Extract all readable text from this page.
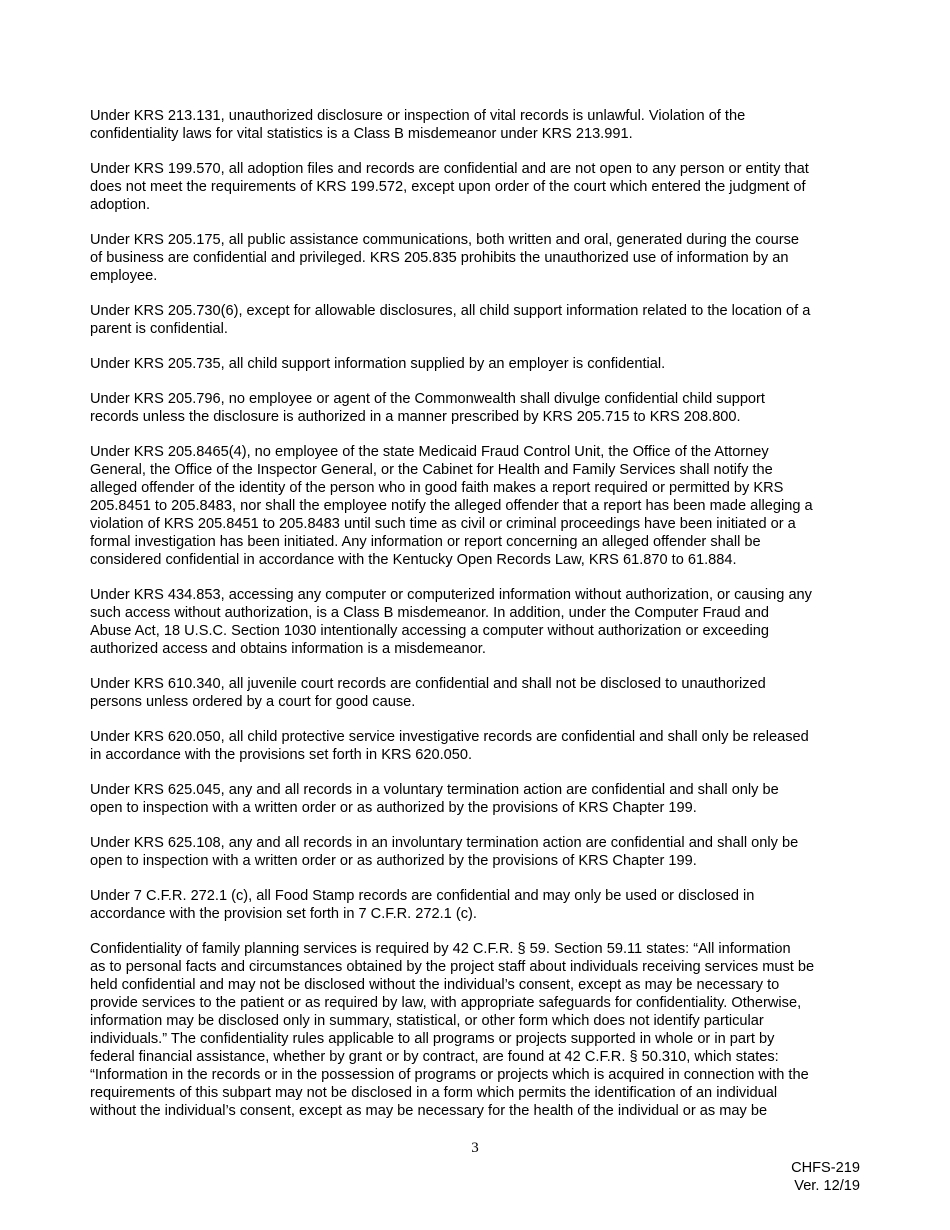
Under KRS 213.131, unauthorized disclosure or inspection of vital records is unlawful. Violation of the
confidentiality laws for vital statistics is a Class B misdemeanor under KRS 213.991.

Under KRS 199.570, all adoption files and records are confidential and are not open to any person or entity that
does not meet the requirements of KRS 199.572, except upon order of the court which entered the judgment of
adoption.

Under KRS 205.175, all public assistance communications, both written and oral, generated during the course
of business are confidential and privileged. KRS 205.835 prohibits the unauthorized use of information by an
employee.

Under KRS 205.730(6), except for allowable disclosures, all child support information related to the location of a
parent is confidential.

Under KRS 205.735, all child support information supplied by an employer is confidential.

Under KRS 205.796, no employee or agent of the Commonwealth shall divulge confidential child support
records unless the disclosure is authorized in a manner prescribed by KRS 205.715 to KRS 208.800.

Under KRS 205.8465(4), no employee of the state Medicaid Fraud Control Unit, the Office of the Attorney
General, the Office of the Inspector General, or the Cabinet for Health and Family Services shall notify the
alleged offender of the identity of the person who in good faith makes a report required or permitted by KRS
205.8451 to 205.8483, nor shall the employee notify the alleged offender that a report has been made alleging a
violation of KRS 205.8451 to 205.8483 until such time as civil or criminal proceedings have been initiated or a
formal investigation has been initiated. Any information or report concerning an alleged offender shall be
considered confidential in accordance with the Kentucky Open Records Law, KRS 61.870 to 61.884.

Under KRS 434.853, accessing any computer or computerized information without authorization, or causing any
such access without authorization, is a Class B misdemeanor. In addition, under the Computer Fraud and
Abuse Act, 18 U.S.C. Section 1030 intentionally accessing a computer without authorization or exceeding
authorized access and obtains information is a misdemeanor.

Under KRS 610.340, all juvenile court records are confidential and shall not be disclosed to unauthorized
persons unless ordered by a court for good cause.

Under KRS 620.050, all child protective service investigative records are confidential and shall only be released
in accordance with the provisions set forth in KRS 620.050.

Under KRS 625.045, any and all records in a voluntary termination action are confidential and shall only be
open to inspection with a written order or as authorized by the provisions of KRS Chapter 199.

Under KRS 625.108, any and all records in an involuntary termination action are confidential and shall only be
open to inspection with a written order or as authorized by the provisions of KRS Chapter 199.

Under 7 C.F.R. 272.1 (c), all Food Stamp records are confidential and may only be used or disclosed in
accordance with the provision set forth in 7 C.F.R. 272.1 (c).

Confidentiality of family planning services is required by 42 C.F.R. § 59. Section 59.11 states: “All information
as to personal facts and circumstances obtained by the project staff about individuals receiving services must be
held confidential and may not be disclosed without the individual’s consent, except as may be necessary to
provide services to the patient or as required by law, with appropriate safeguards for confidentiality. Otherwise,
information may be disclosed only in summary, statistical, or other form which does not identify particular
individuals.” The confidentiality rules applicable to all programs or projects supported in whole or in part by
federal financial assistance, whether by grant or by contract, are found at 42 C.F.R. § 50.310, which states:
“Information in the records or in the possession of programs or projects which is acquired in connection with the
requirements of this subpart may not be disclosed in a form which permits the identification of an individual
without the individual’s consent, except as may be necessary for the health of the individual or as may be

3
CHFS-219
Ver. 12/19
